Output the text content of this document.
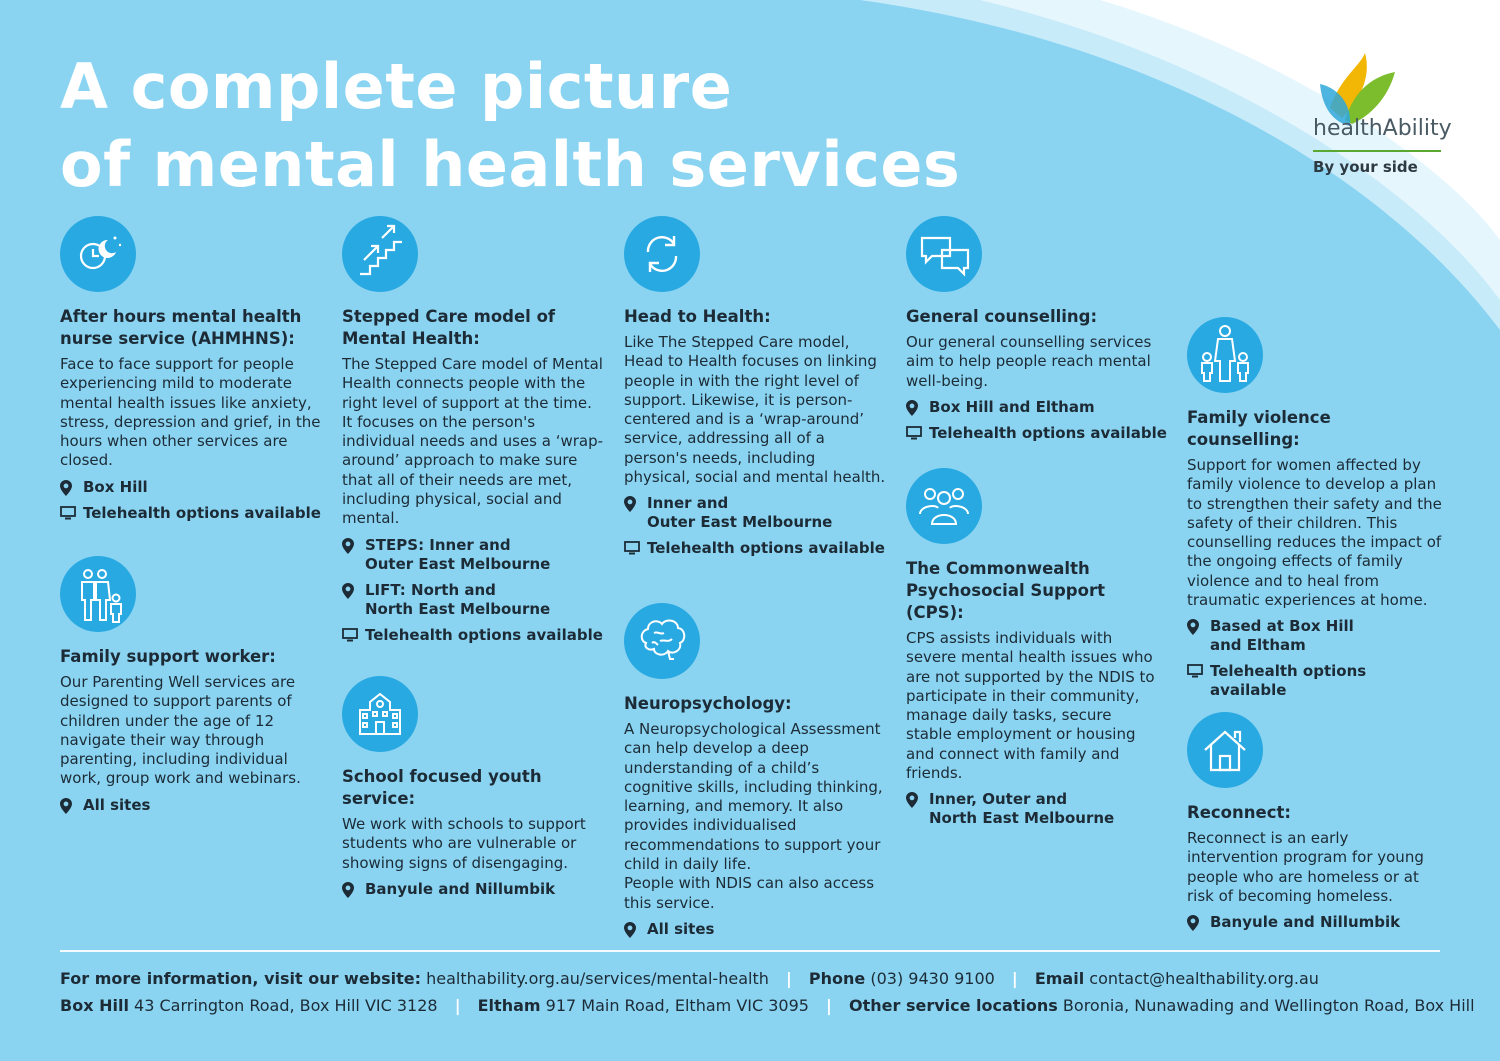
A complete picture
of mental health services	healthAbility
By your side
After hours mental health nurse service (AHMHNS):

Face to face support for people experiencing mild to moderate mental health issues like anxiety, stress, depression and grief, in the hours when other services are closed.

Box Hill
Telehealth options available
Family support worker:

Our Parenting Well services are designed to support parents of children under the age of 12 navigate their way through parenting, including individual work, group work and webinars.

All sites
Stepped Care model of Mental Health:

The Stepped Care model of Mental Health connects people with the right level of support at the time. It focuses on the person's individual needs and uses a ‘wrap-around’ approach to make sure that all of their needs are met, including physical, social and mental.

STEPS: Inner and
Outer East Melbourne
LIFT: North and
North East Melbourne
Telehealth options available
School focused youth service:

We work with schools to support students who are vulnerable or showing signs of disengaging.

Banyule and Nillumbik
Head to Health:

Like The Stepped Care model, Head to Health focuses on linking people in with the right level of support. Likewise, it is person-centered and is a ‘wrap-around’ service, addressing all of a person's needs, including physical, social and mental health.

Inner and
Outer East Melbourne
Telehealth options available
Neuropsychology:

A Neuropsychological Assessment can help develop a deep understanding of a child’s cognitive skills, including thinking, learning, and memory. It also provides individualised recommendations to support your child in daily life.

People with NDIS can also access this service.

All sites
General counselling:

Our general counselling services aim to help people reach mental well-being.

Box Hill and Eltham
Telehealth options available
The Commonwealth Psychosocial Support (CPS):

CPS assists individuals with severe mental health issues who are not supported by the NDIS to participate in their community, manage daily tasks, secure stable employment or housing and connect with family and friends.

Inner, Outer and
North East Melbourne
Family violence counselling:

Support for women affected by family violence to develop a plan to strengthen their safety and the safety of their children. This counselling reduces the impact of the ongoing effects of family violence and to heal from traumatic experiences at home.

Based at Box Hill
and Eltham
Telehealth options available
Reconnect:

Reconnect is an early intervention program for young people who are homeless or at risk of becoming homeless.

Banyule and Nillumbik
For more information, visit our website: healthability.org.au/services/mental-health | Phone (03) 9430 9100 | Email contact@healthability.org.au
Box Hill 43 Carrington Road, Box Hill VIC 3128 | Eltham 917 Main Road, Eltham VIC 3095 | Other service locations Boronia, Nunawading and Wellington Road, Box Hill
